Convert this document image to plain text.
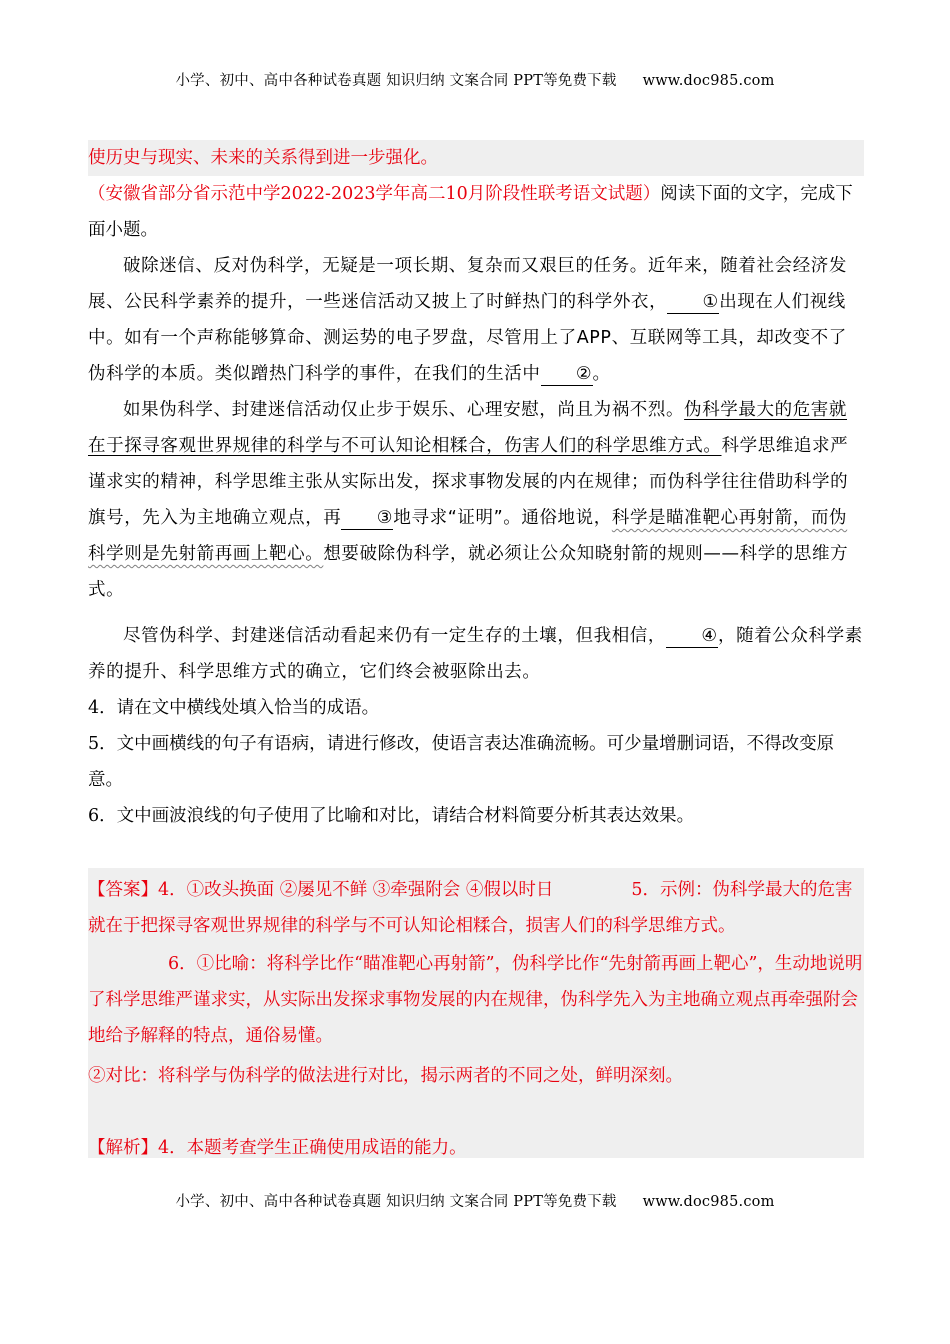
小学、初中、高中各种试卷真题 知识归纳 文案合同 PPT等免费下载 www.doc985.com

使历史与现实、未来的关系得到进一步强化。

（安徽省部分省示范中学2022-2023学年高二10月阶段性联考语文试题）阅读下面的文字，完成下面小题。

破除迷信、反对伪科学，无疑是一项长期、复杂而又艰巨的任务。近年来，随着社会经济发展、公民科学素养的提升，一些迷信活动又披上了时鲜热门的科学外衣， ①出现在人们视线中。如有一个声称能够算命、测运势的电子罗盘，尽管用上了APP、互联网等工具，却改变不了伪科学的本质。类似蹭热门科学的事件，在我们的生活中 ②。

如果伪科学、封建迷信活动仅止步于娱乐、心理安慰，尚且为祸不烈。伪科学最大的危害就在于探寻客观世界规律的科学与不可认知论相糅合，伤害人们的科学思维方式。科学思维追求严谨求实的精神，科学思维主张从实际出发，探求事物发展的内在规律；而伪科学往往借助科学的旗号，先入为主地确立观点，再 ③地寻求“证明”。通俗地说，科学是瞄准靶心再射箭，而伪科学则是先射箭再画上靶心。想要破除伪科学，就必须让公众知晓射箭的规则——科学的思维方式。

尽管伪科学、封建迷信活动看起来仍有一定生存的土壤，但我相信， ④，随着公众科学素养的提升、科学思维方式的确立，它们终会被驱除出去。

4．请在文中横线处填入恰当的成语。

5．文中画横线的句子有语病，请进行修改，使语言表达准确流畅。可少量增删词语，不得改变原意。

6．文中画波浪线的句子使用了比喻和对比，请结合材料简要分析其表达效果。

【答案】4．①改头换面 ②屡见不鲜 ③牵强附会 ④假以时日	5．示例：伪科学最大的危害就在于把探寻客观世界规律的科学与不可认知论相糅合，损害人们的科学思维方式。

6．①比喻：将科学比作“瞄准靶心再射箭”，伪科学比作“先射箭再画上靶心”，生动地说明了科学思维严谨求实，从实际出发探求事物发展的内在规律，伪科学先入为主地确立观点再牵强附会地给予解释的特点，通俗易懂。

②对比：将科学与伪科学的做法进行对比，揭示两者的不同之处，鲜明深刻。

【解析】4．本题考查学生正确使用成语的能力。

小学、初中、高中各种试卷真题 知识归纳 文案合同 PPT等免费下载 www.doc985.com
